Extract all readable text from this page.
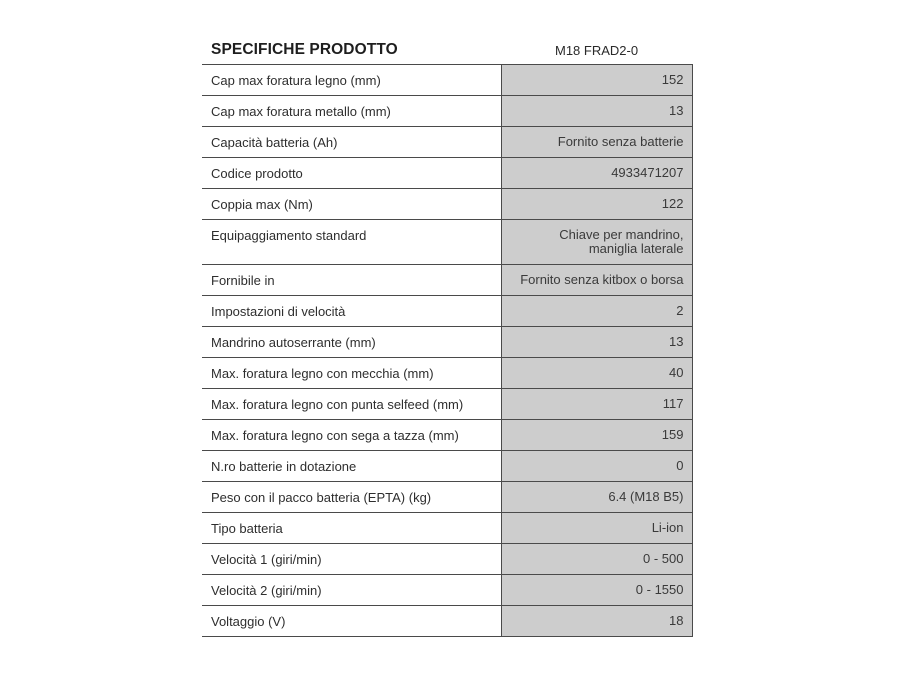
SPECIFICHE PRODOTTO	M18 FRAD2-0
Cap max foratura legno (mm)	152
Cap max foratura metallo (mm)	13
Capacità batteria (Ah)	Fornito senza batterie
Codice prodotto	4933471207
Coppia max (Nm)	122
Equipaggiamento standard	Chiave per mandrino, maniglia laterale
Fornibile in	Fornito senza kitbox o borsa
Impostazioni di velocità	2
Mandrino autoserrante (mm)	13
Max. foratura legno con mecchia (mm)	40
Max. foratura legno con punta selfeed (mm)	117
Max. foratura legno con sega a tazza (mm)	159
N.ro batterie in dotazione	0
Peso con il pacco batteria (EPTA) (kg)	6.4 (M18 B5)
Tipo batteria	Li-ion
Velocità 1 (giri/min)	0 - 500
Velocità 2 (giri/min)	0 - 1550
Voltaggio (V)	18
